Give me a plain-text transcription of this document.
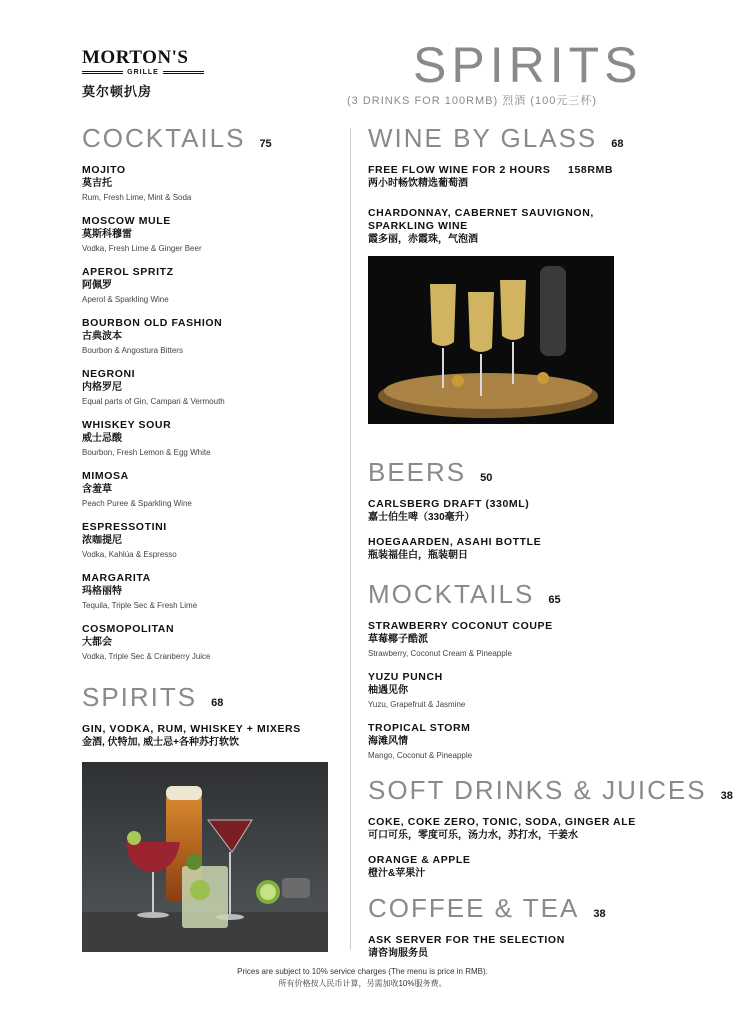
MORTON'S
GRILLE
莫尔顿扒房	SPIRITS
(3 DRINKS FOR 100RMB) 烈酒 (100元三杯)
COCKTAILS 75
MOJITO
莫吉托
Rum, Fresh Lime, Mint & Soda
MOSCOW MULE
莫斯科穆雷
Vodka, Fresh Lime & Ginger Beer
APEROL SPRITZ
阿佩罗
Aperol & Sparkling Wine
BOURBON OLD FASHION
古典波本
Bourbon & Angostura Bitters
NEGRONI
内格罗尼
Equal parts of Gin, Campari & Vermouth
WHISKEY SOUR
威士忌酸
Bourbon, Fresh Lemon & Egg White
MIMOSA
含羞草
Peach Puree & Sparkling Wine
ESPRESSOTINI
浓咖提尼
Vodka, Kahlúa & Espresso
MARGARITA
玛格丽特
Tequila, Triple Sec & Fresh Lime
COSMOPOLITAN
大都会
Vodka, Triple Sec & Cranberry Juice
SPIRITS 68
GIN, VODKA, RUM, WHISKEY + MIXERS
金酒, 伏特加, 威士忌+各种苏打软饮
WINE BY GLASS 68
FREE FLOW WINE FOR 2 HOURS     158RMB
两小时畅饮精选葡萄酒
CHARDONNAY, CABERNET SAUVIGNON, SPARKLING WINE
霞多丽，赤霞珠，气泡酒
BEERS 50
CARLSBERG DRAFT (330ML)
嘉士伯生啤（330毫升）
HOEGAARDEN, ASAHI BOTTLE
瓶装福佳白，瓶装朝日
MOCKTAILS 65
STRAWBERRY COCONUT COUPE
草莓椰子酷派
Strawberry, Coconut Cream & Pineapple
YUZU PUNCH
柚遇见你
Yuzu, Grapefruit & Jasmine
TROPICAL STORM
海滩风情
Mango, Coconut & Pineapple
SOFT DRINKS & JUICES 38
COKE, COKE ZERO, TONIC, SODA, GINGER ALE
可口可乐，零度可乐，汤力水，苏打水，干姜水
ORANGE & APPLE
橙汁&苹果汁
COFFEE & TEA 38
ASK SERVER FOR THE SELECTION
请咨询服务员
Prices are subject to 10% service charges (The menu is price in RMB).
所有价格按人民币计算，另需加收10%服务费。
